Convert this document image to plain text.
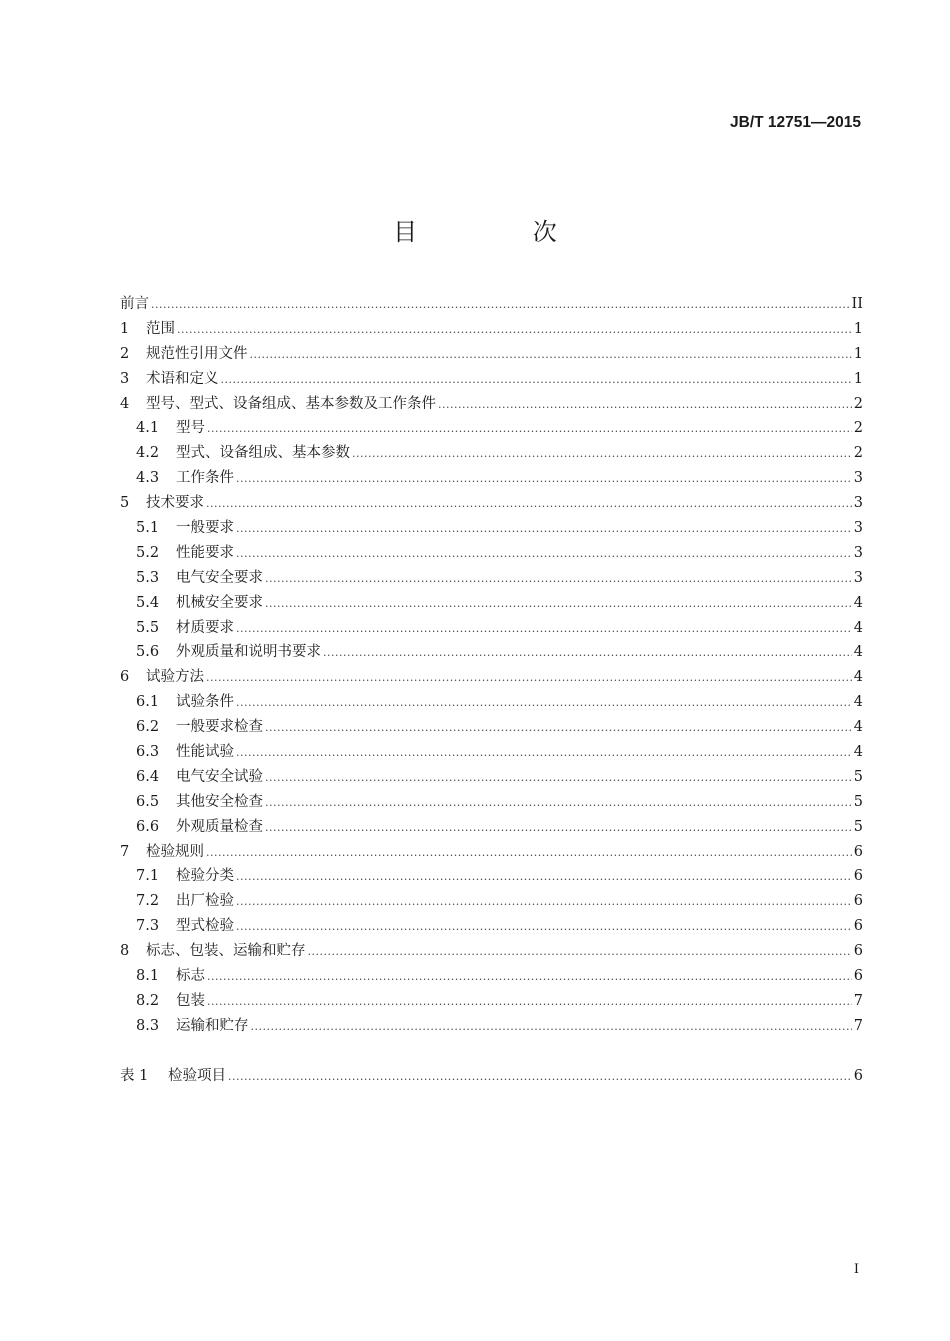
JB/T 12751—2015
目 次
前言 .....	II
1	范围 .....	1
2	规范性引用文件 .....	1
3	术语和定义 .....	1
4	型号、型式、设备组成、基本参数及工作条件 .....	2
4.1	型号 .....	2
4.2	型式、设备组成、基本参数 .....	2
4.3	工作条件 .....	3
5	技术要求 .....	3
5.1	一般要求 .....	3
5.2	性能要求 .....	3
5.3	电气安全要求 .....	3
5.4	机械安全要求 .....	4
5.5	材质要求 .....	4
5.6	外观质量和说明书要求 .....	4
6	试验方法 .....	4
6.1	试验条件 .....	4
6.2	一般要求检查 .....	4
6.3	性能试验 .....	4
6.4	电气安全试验 .....	5
6.5	其他安全检查 .....	5
6.6	外观质量检查 .....	5
7	检验规则 .....	6
7.1	检验分类 .....	6
7.2	出厂检验 .....	6
7.3	型式检验 .....	6
8	标志、包装、运输和贮存 .....	6
8.1	标志 .....	6
8.2	包装 .....	7
8.3	运输和贮存 .....	7
表 1	检验项目 .....	6
I
